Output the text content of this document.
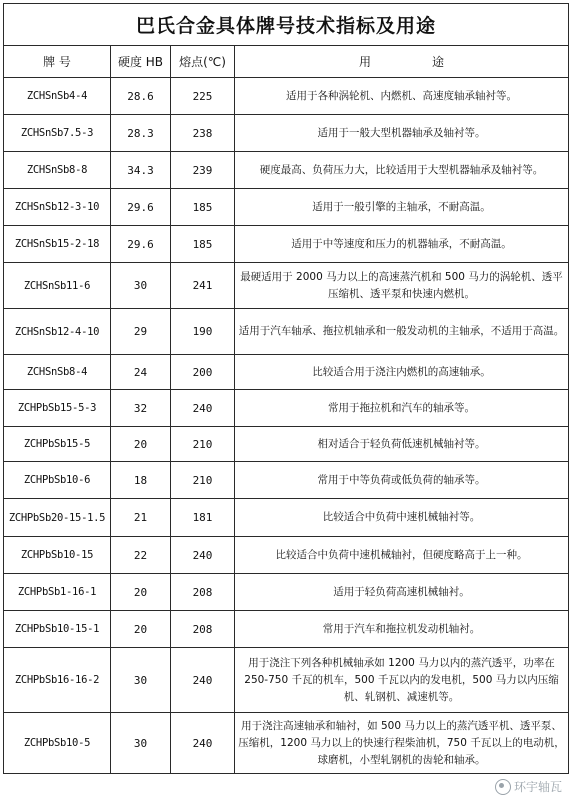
巴氏合金具体牌号技术指标及用途			
牌 号	硬度 HB	熔点(℃)	用                途
ZCHSnSb4-4	28.6	225	适用于各种涡轮机、内燃机、高速度轴承轴衬等。
ZCHSnSb7.5-3	28.3	238	适用于一般大型机器轴承及轴衬等。
ZCHSnSb8-8	34.3	239	硬度最高、负荷压力大，比较适用于大型机器轴承及轴衬等。
ZCHSnSb12-3-10	29.6	185	适用于一般引擎的主轴承，不耐高温。
ZCHSnSb15-2-18	29.6	185	适用于中等速度和压力的机器轴承，不耐高温。
ZCHSnSb11-6	30	241	最硬适用于 2000 马力以上的高速蒸汽机和 500 马力的涡轮机、透平压缩机、透平泵和快速内燃机。
ZCHSnSb12-4-10	29	190	适用于汽车轴承、拖拉机轴承和一般发动机的主轴承，不适用于高温。
ZCHSnSb8-4	24	200	比较适合用于浇注内燃机的高速轴承。
ZCHPbSb15-5-3	32	240	常用于拖拉机和汽车的轴承等。
ZCHPbSb15-5	20	210	相对适合于轻负荷低速机械轴衬等。
ZCHPbSb10-6	18	210	常用于中等负荷或低负荷的轴承等。
ZCHPbSb20-15-1.5	21	181	比较适合中负荷中速机械轴衬等。
ZCHPbSb10-15	22	240	比较适合中负荷中速机械轴衬，但硬度略高于上一种。
ZCHPbSb1-16-1	20	208	适用于轻负荷高速机械轴衬。
ZCHPbSb10-15-1	20	208	常用于汽车和拖拉机发动机轴衬。
ZCHPbSb16-16-2	30	240	用于浇注下列各种机械轴承如 1200 马力以内的蒸汽透平，功率在 250-750 千瓦的机车，500 千瓦以内的发电机，500 马力以内压缩机、轧钢机、减速机等。
ZCHPbSb10-5	30	240	用于浇注高速轴承和轴衬，如 500 马力以上的蒸汽透平机、透平泵、压缩机，1200 马力以上的快速行程柴油机，750 千瓦以上的电动机，球磨机，小型轧钢机的齿轮和轴承。
环宇轴瓦
